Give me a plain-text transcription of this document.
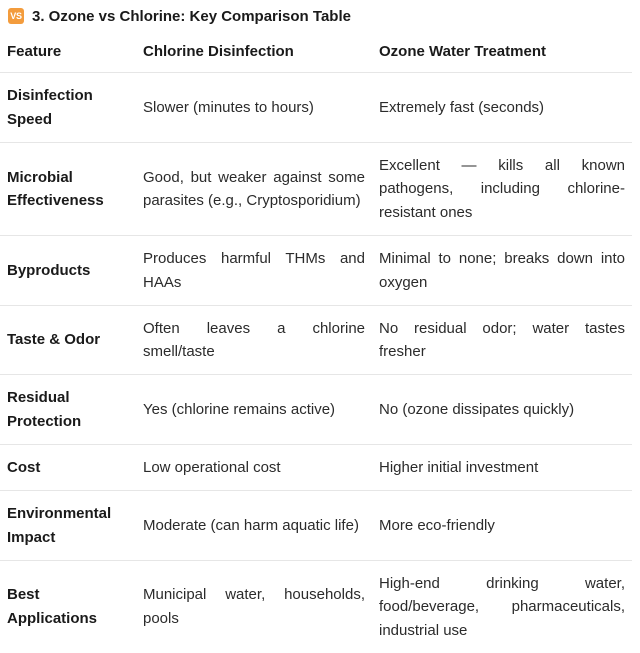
VS 3. Ozone vs Chlorine: Key Comparison Table
Feature	Chlorine Disinfection	Ozone Water Treatment
Disinfection Speed	Slower (minutes to hours)	Extremely fast (seconds)
Microbial Effectiveness	Good, but weaker against some parasites (e.g., Cryptosporidium)	Excellent — kills all known pathogens, including chlorine-resistant ones
Byproducts	Produces harmful THMs and HAAs	Minimal to none; breaks down into oxygen
Taste & Odor	Often leaves a chlorine smell/taste	No residual odor; water tastes fresher
Residual Protection	Yes (chlorine remains active)	No (ozone dissipates quickly)
Cost	Low operational cost	Higher initial investment
Environmental Impact	Moderate (can harm aquatic life)	More eco-friendly
Best Applications	Municipal water, households, pools	High-end drinking water, food/beverage, pharmaceuticals, industrial use
